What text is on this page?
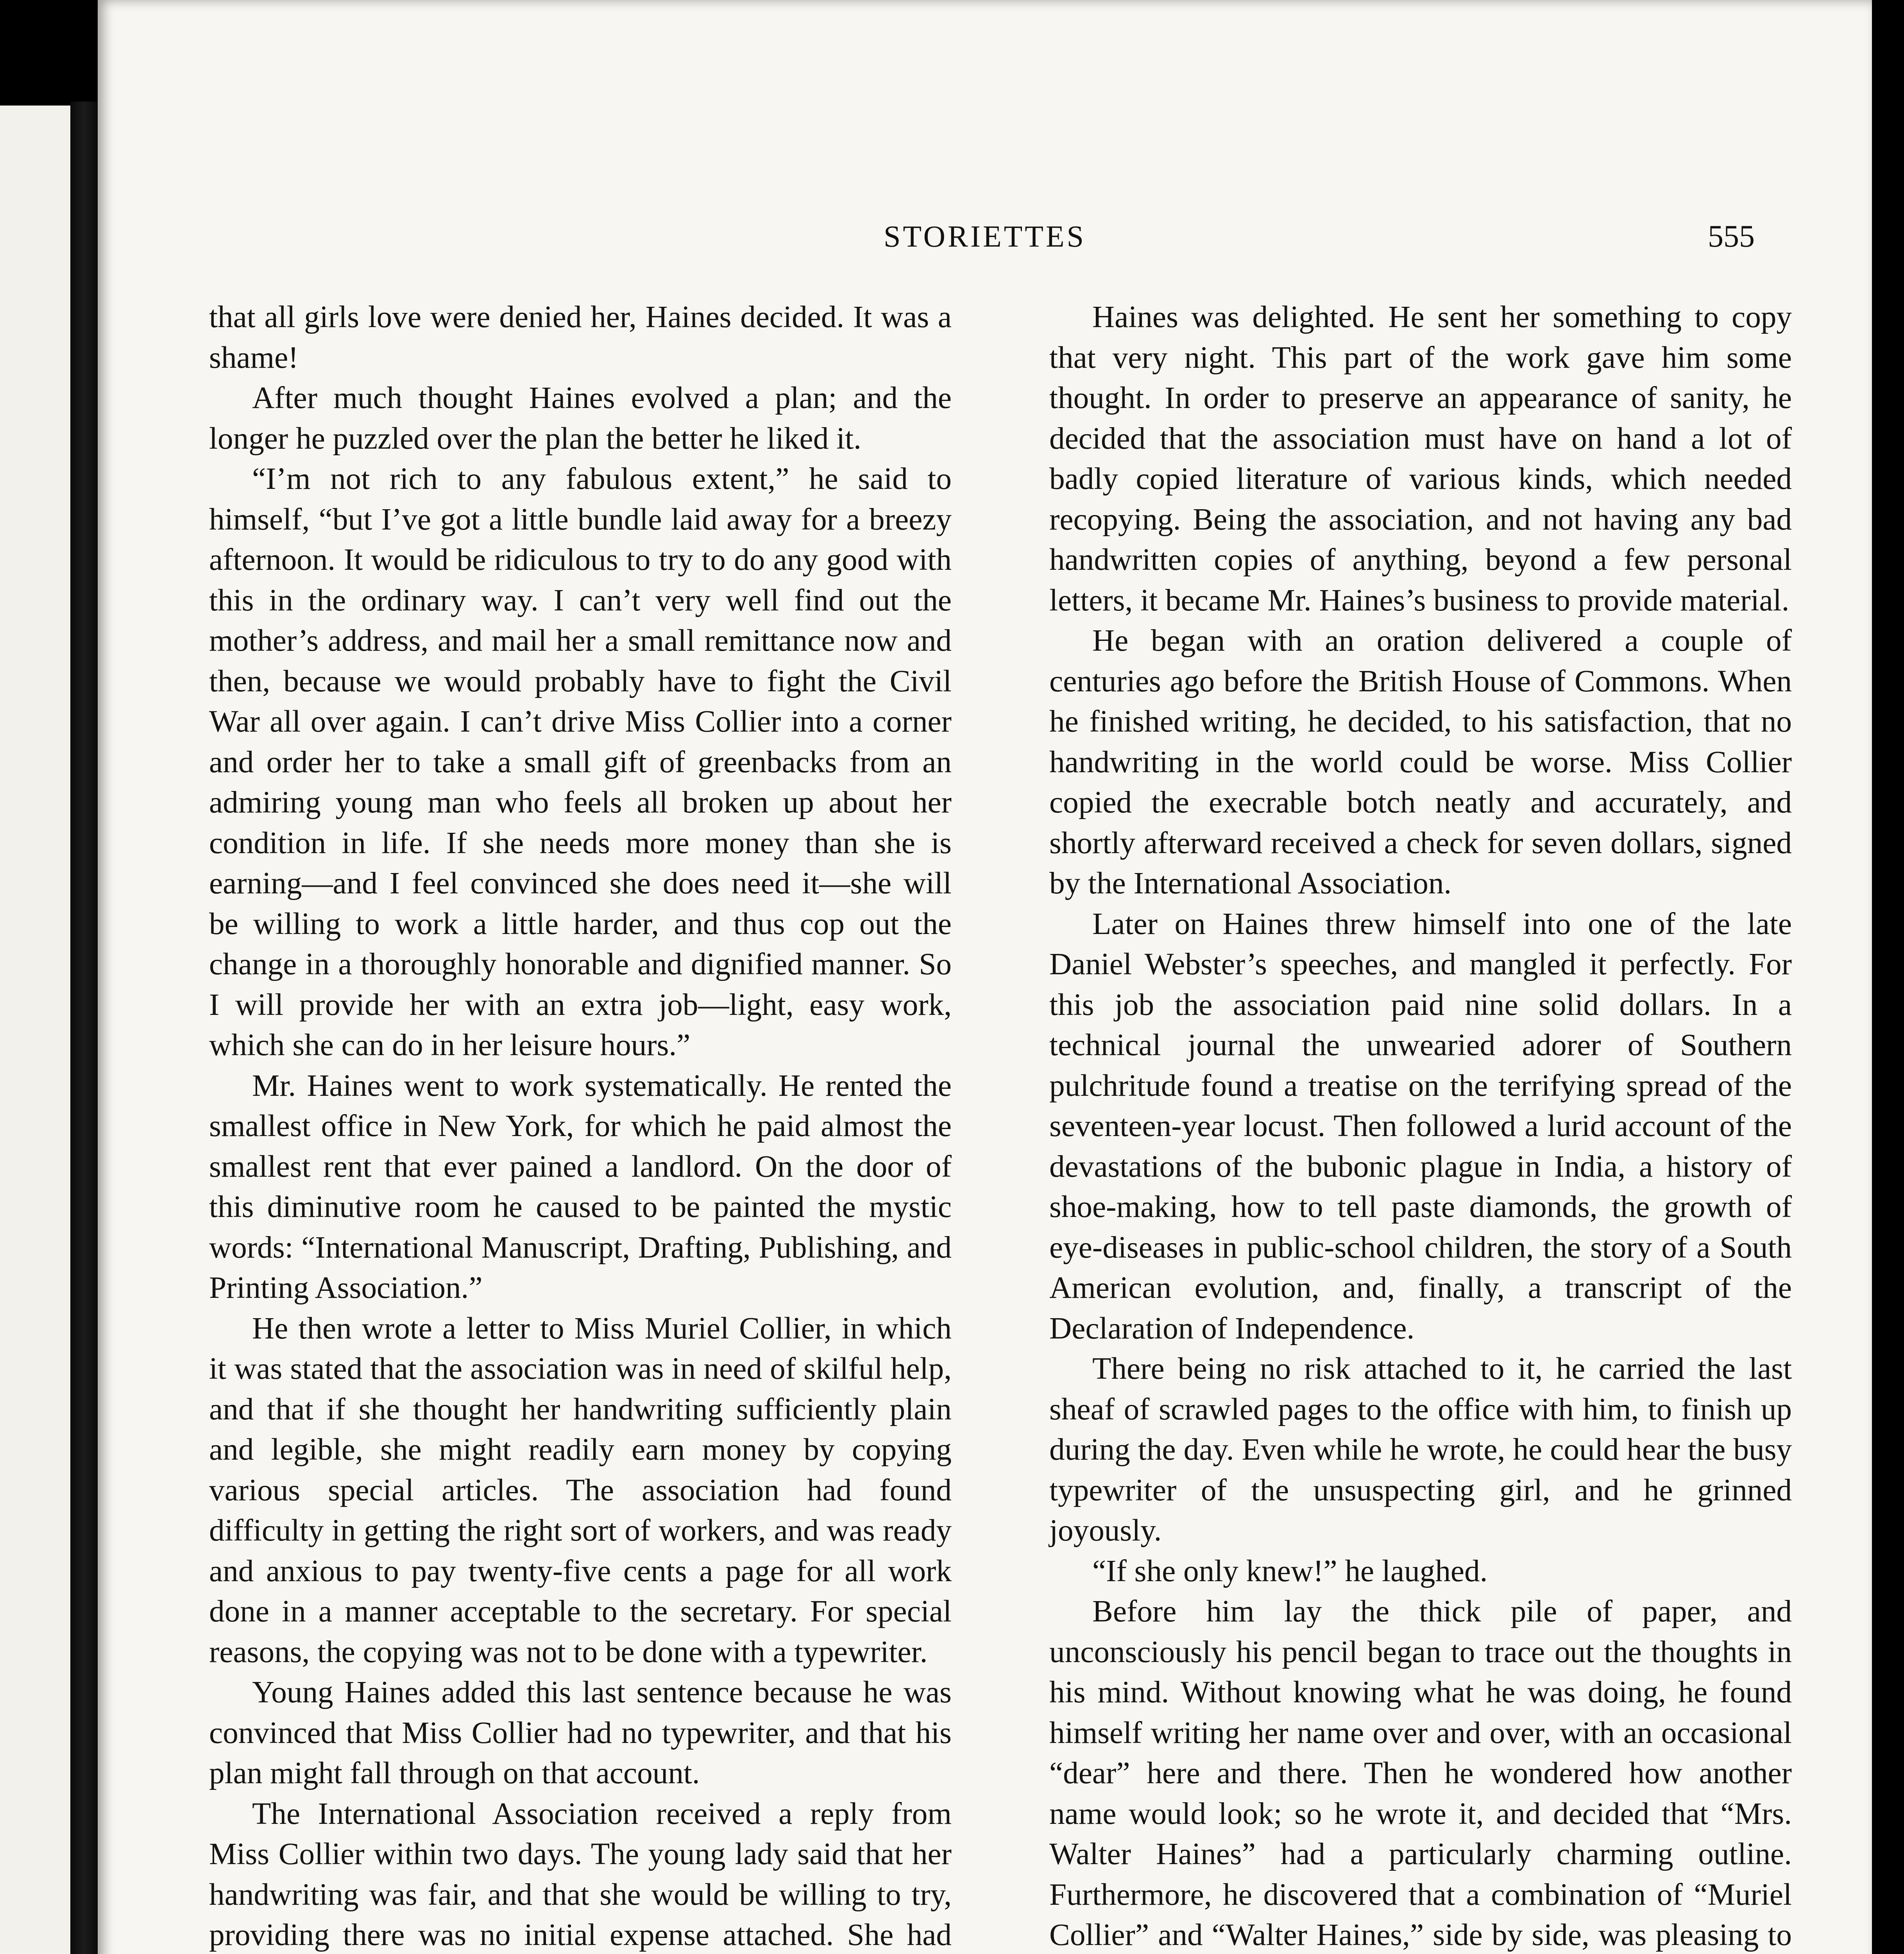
STORIETTES	555

that all girls love were denied her, Haines decided. It was a shame!

After much thought Haines evolved a plan; and the longer he puzzled over the plan the better he liked it.

“I’m not rich to any fabulous extent,” he said to himself, “but I’ve got a little bundle laid away for a breezy afternoon. It would be ridiculous to try to do any good with this in the ordinary way. I can’t very well find out the mother’s address, and mail her a small remittance now and then, because we would probably have to fight the Civil War all over again. I can’t drive Miss Collier into a corner and order her to take a small gift of greenbacks from an admiring young man who feels all broken up about her condition in life. If she needs more money than she is earning—and I feel convinced she does need it—she will be willing to work a little harder, and thus cop out the change in a thoroughly honorable and dignified manner. So I will provide her with an extra job—light, easy work, which she can do in her leisure hours.”

Mr. Haines went to work systematically. He rented the smallest office in New York, for which he paid almost the smallest rent that ever pained a landlord. On the door of this diminutive room he caused to be painted the mystic words: “International Manuscript, Drafting, Publishing, and Printing Association.”

He then wrote a letter to Miss Muriel Collier, in which it was stated that the association was in need of skilful help, and that if she thought her handwriting sufficiently plain and legible, she might readily earn money by copying various special articles. The association had found difficulty in getting the right sort of workers, and was ready and anxious to pay twenty-five cents a page for all work done in a manner acceptable to the secretary. For special reasons, the copying was not to be done with a typewriter.

Young Haines added this last sentence because he was convinced that Miss Collier had no typewriter, and that his plan might fall through on that account.

The International Association received a reply from Miss Collier within two days. The young lady said that her handwriting was fair, and that she would be willing to try, providing there was no initial expense attached. She had

Haines was delighted. He sent her something to copy that very night. This part of the work gave him some thought. In order to preserve an appearance of sanity, he decided that the association must have on hand a lot of badly copied literature of various kinds, which needed recopying. Being the association, and not having any bad handwritten copies of anything, beyond a few personal letters, it became Mr. Haines’s business to provide material.

He began with an oration delivered a couple of centuries ago before the British House of Commons. When he finished writing, he decided, to his satisfaction, that no handwriting in the world could be worse. Miss Collier copied the execrable botch neatly and accurately, and shortly afterward received a check for seven dollars, signed by the International Association.

Later on Haines threw himself into one of the late Daniel Webster’s speeches, and mangled it perfectly. For this job the association paid nine solid dollars. In a technical journal the unwearied adorer of Southern pulchritude found a treatise on the terrifying spread of the seventeen-year locust. Then followed a lurid account of the devastations of the bubonic plague in India, a history of shoe-making, how to tell paste diamonds, the growth of eye-diseases in public-school children, the story of a South American evolution, and, finally, a transcript of the Declaration of Independence.

There being no risk attached to it, he carried the last sheaf of scrawled pages to the office with him, to finish up during the day. Even while he wrote, he could hear the busy typewriter of the unsuspecting girl, and he grinned joyously.

“If she only knew!” he laughed.

Before him lay the thick pile of paper, and unconsciously his pencil began to trace out the thoughts in his mind. Without knowing what he was doing, he found himself writing her name over and over, with an occasional “dear” here and there. Then he wondered how another name would look; so he wrote it, and decided that “Mrs. Walter Haines” had a particularly charming outline. Furthermore, he discovered that a combination of “Muriel Collier” and “Walter Haines,” side by side, was pleasing to
